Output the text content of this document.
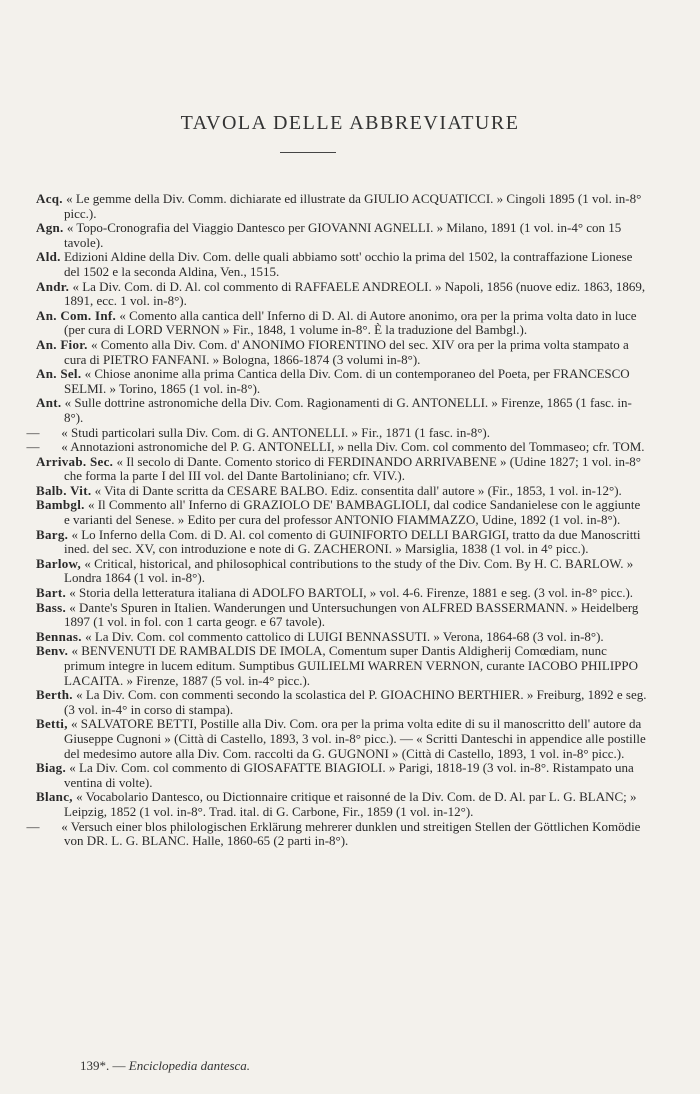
TAVOLA DELLE ABBREVIATURE

Acq. « Le gemme della Div. Comm. dichiarate ed illustrate da GIULIO ACQUATICCI. » Cingoli 1895 (1 vol. in-8° picc.).

Agn. « Topo-Cronografia del Viaggio Dantesco per GIOVANNI AGNELLI. » Milano, 1891 (1 vol. in-4° con 15 tavole).

Ald. Edizioni Aldine della Div. Com. delle quali abbiamo sott' occhio la prima del 1502, la contraffazione Lionese del 1502 e la seconda Aldina, Ven., 1515.

Andr. « La Div. Com. di D. Al. col commento di RAFFAELE ANDREOLI. » Napoli, 1856 (nuove ediz. 1863, 1869, 1891, ecc. 1 vol. in-8°).

An. Com. Inf. « Comento alla cantica dell' Inferno di D. Al. di Autore anonimo, ora per la prima volta dato in luce (per cura di LORD VERNON » Fir., 1848, 1 volume in-8°. È la traduzione del Bambgl.).

An. Fior. « Comento alla Div. Com. d' ANONIMO FIORENTINO del sec. XIV ora per la prima volta stampato a cura di PIETRO FANFANI. » Bologna, 1866-1874 (3 volumi in-8°).

An. Sel. « Chiose anonime alla prima Cantica della Div. Com. di un contemporaneo del Poeta, per FRANCESCO SELMI. » Torino, 1865 (1 vol. in-8°).

Ant. « Sulle dottrine astronomiche della Div. Com. Ragionamenti di G. ANTONELLI. » Firenze, 1865 (1 fasc. in-8°).

— « Studi particolari sulla Div. Com. di G. ANTONELLI. » Fir., 1871 (1 fasc. in-8°).

— « Annotazioni astronomiche del P. G. ANTONELLI, » nella Div. Com. col commento del Tommaseo; cfr. TOM.

Arrivab. Sec. « Il secolo di Dante. Comento storico di FERDINANDO ARRIVABENE » (Udine 1827; 1 vol. in-8° che forma la parte I del III vol. del Dante Bartoliniano; cfr. VIV.).

Balb. Vit. « Vita di Dante scritta da CESARE BALBO. Ediz. consentita dall' autore » (Fir., 1853, 1 vol. in-12°).

Bambgl. « Il Commento all' Inferno di GRAZIOLO DE' BAMBAGLIOLI, dal codice Sandanielese con le aggiunte e varianti del Senese. » Edito per cura del professor ANTONIO FIAMMAZZO, Udine, 1892 (1 vol. in-8°).

Barg. « Lo Inferno della Com. di D. Al. col comento di GUINIFORTO DELLI BARGIGI, tratto da due Manoscritti ined. del sec. XV, con introduzione e note di G. ZACHERONI. » Marsiglia, 1838 (1 vol. in 4° picc.).

Barlow, « Critical, historical, and philosophical contributions to the study of the Div. Com. By H. C. BARLOW. » Londra 1864 (1 vol. in-8°).

Bart. « Storia della letteratura italiana di ADOLFO BARTOLI, » vol. 4-6. Firenze, 1881 e seg. (3 vol. in-8° picc.).

Bass. « Dante's Spuren in Italien. Wanderungen und Untersuchungen von ALFRED BASSERMANN. » Heidelberg 1897 (1 vol. in fol. con 1 carta geogr. e 67 tavole).

Bennas. « La Div. Com. col commento cattolico di LUIGI BENNASSUTI. » Verona, 1864-68 (3 vol. in-8°).

Benv. « BENVENUTI DE RAMBALDIS DE IMOLA, Comentum super Dantis Aldigherij Comœdiam, nunc primum integre in lucem editum. Sumptibus GUILIELMI WARREN VERNON, curante IACOBO PHILIPPO LACAITA. » Firenze, 1887 (5 vol. in-4° picc.).

Berth. « La Div. Com. con commenti secondo la scolastica del P. GIOACHINO BERTHIER. » Freiburg, 1892 e seg. (3 vol. in-4° in corso di stampa).

Betti, « SALVATORE BETTI, Postille alla Div. Com. ora per la prima volta edite di su il manoscritto dell' autore da Giuseppe Cugnoni » (Città di Castello, 1893, 3 vol. in-8° picc.). — « Scritti Danteschi in appendice alle postille del medesimo autore alla Div. Com. raccolti da G. GUGNONI » (Città di Castello, 1893, 1 vol. in-8° picc.).

Biag. « La Div. Com. col commento di GIOSAFATTE BIAGIOLI. » Parigi, 1818-19 (3 vol. in-8°. Ristampato una ventina di volte).

Blanc, « Vocabolario Dantesco, ou Dictionnaire critique et raisonné de la Div. Com. de D. Al. par L. G. BLANC; » Leipzig, 1852 (1 vol. in-8°. Trad. ital. di G. Carbone, Fir., 1859 (1 vol. in-12°).

— « Versuch einer blos philologischen Erklärung mehrerer dunklen und streitigen Stellen der Göttlichen Komödie von DR. L. G. BLANC. Halle, 1860-65 (2 parti in-8°).

139*. — Enciclopedia dantesca.
